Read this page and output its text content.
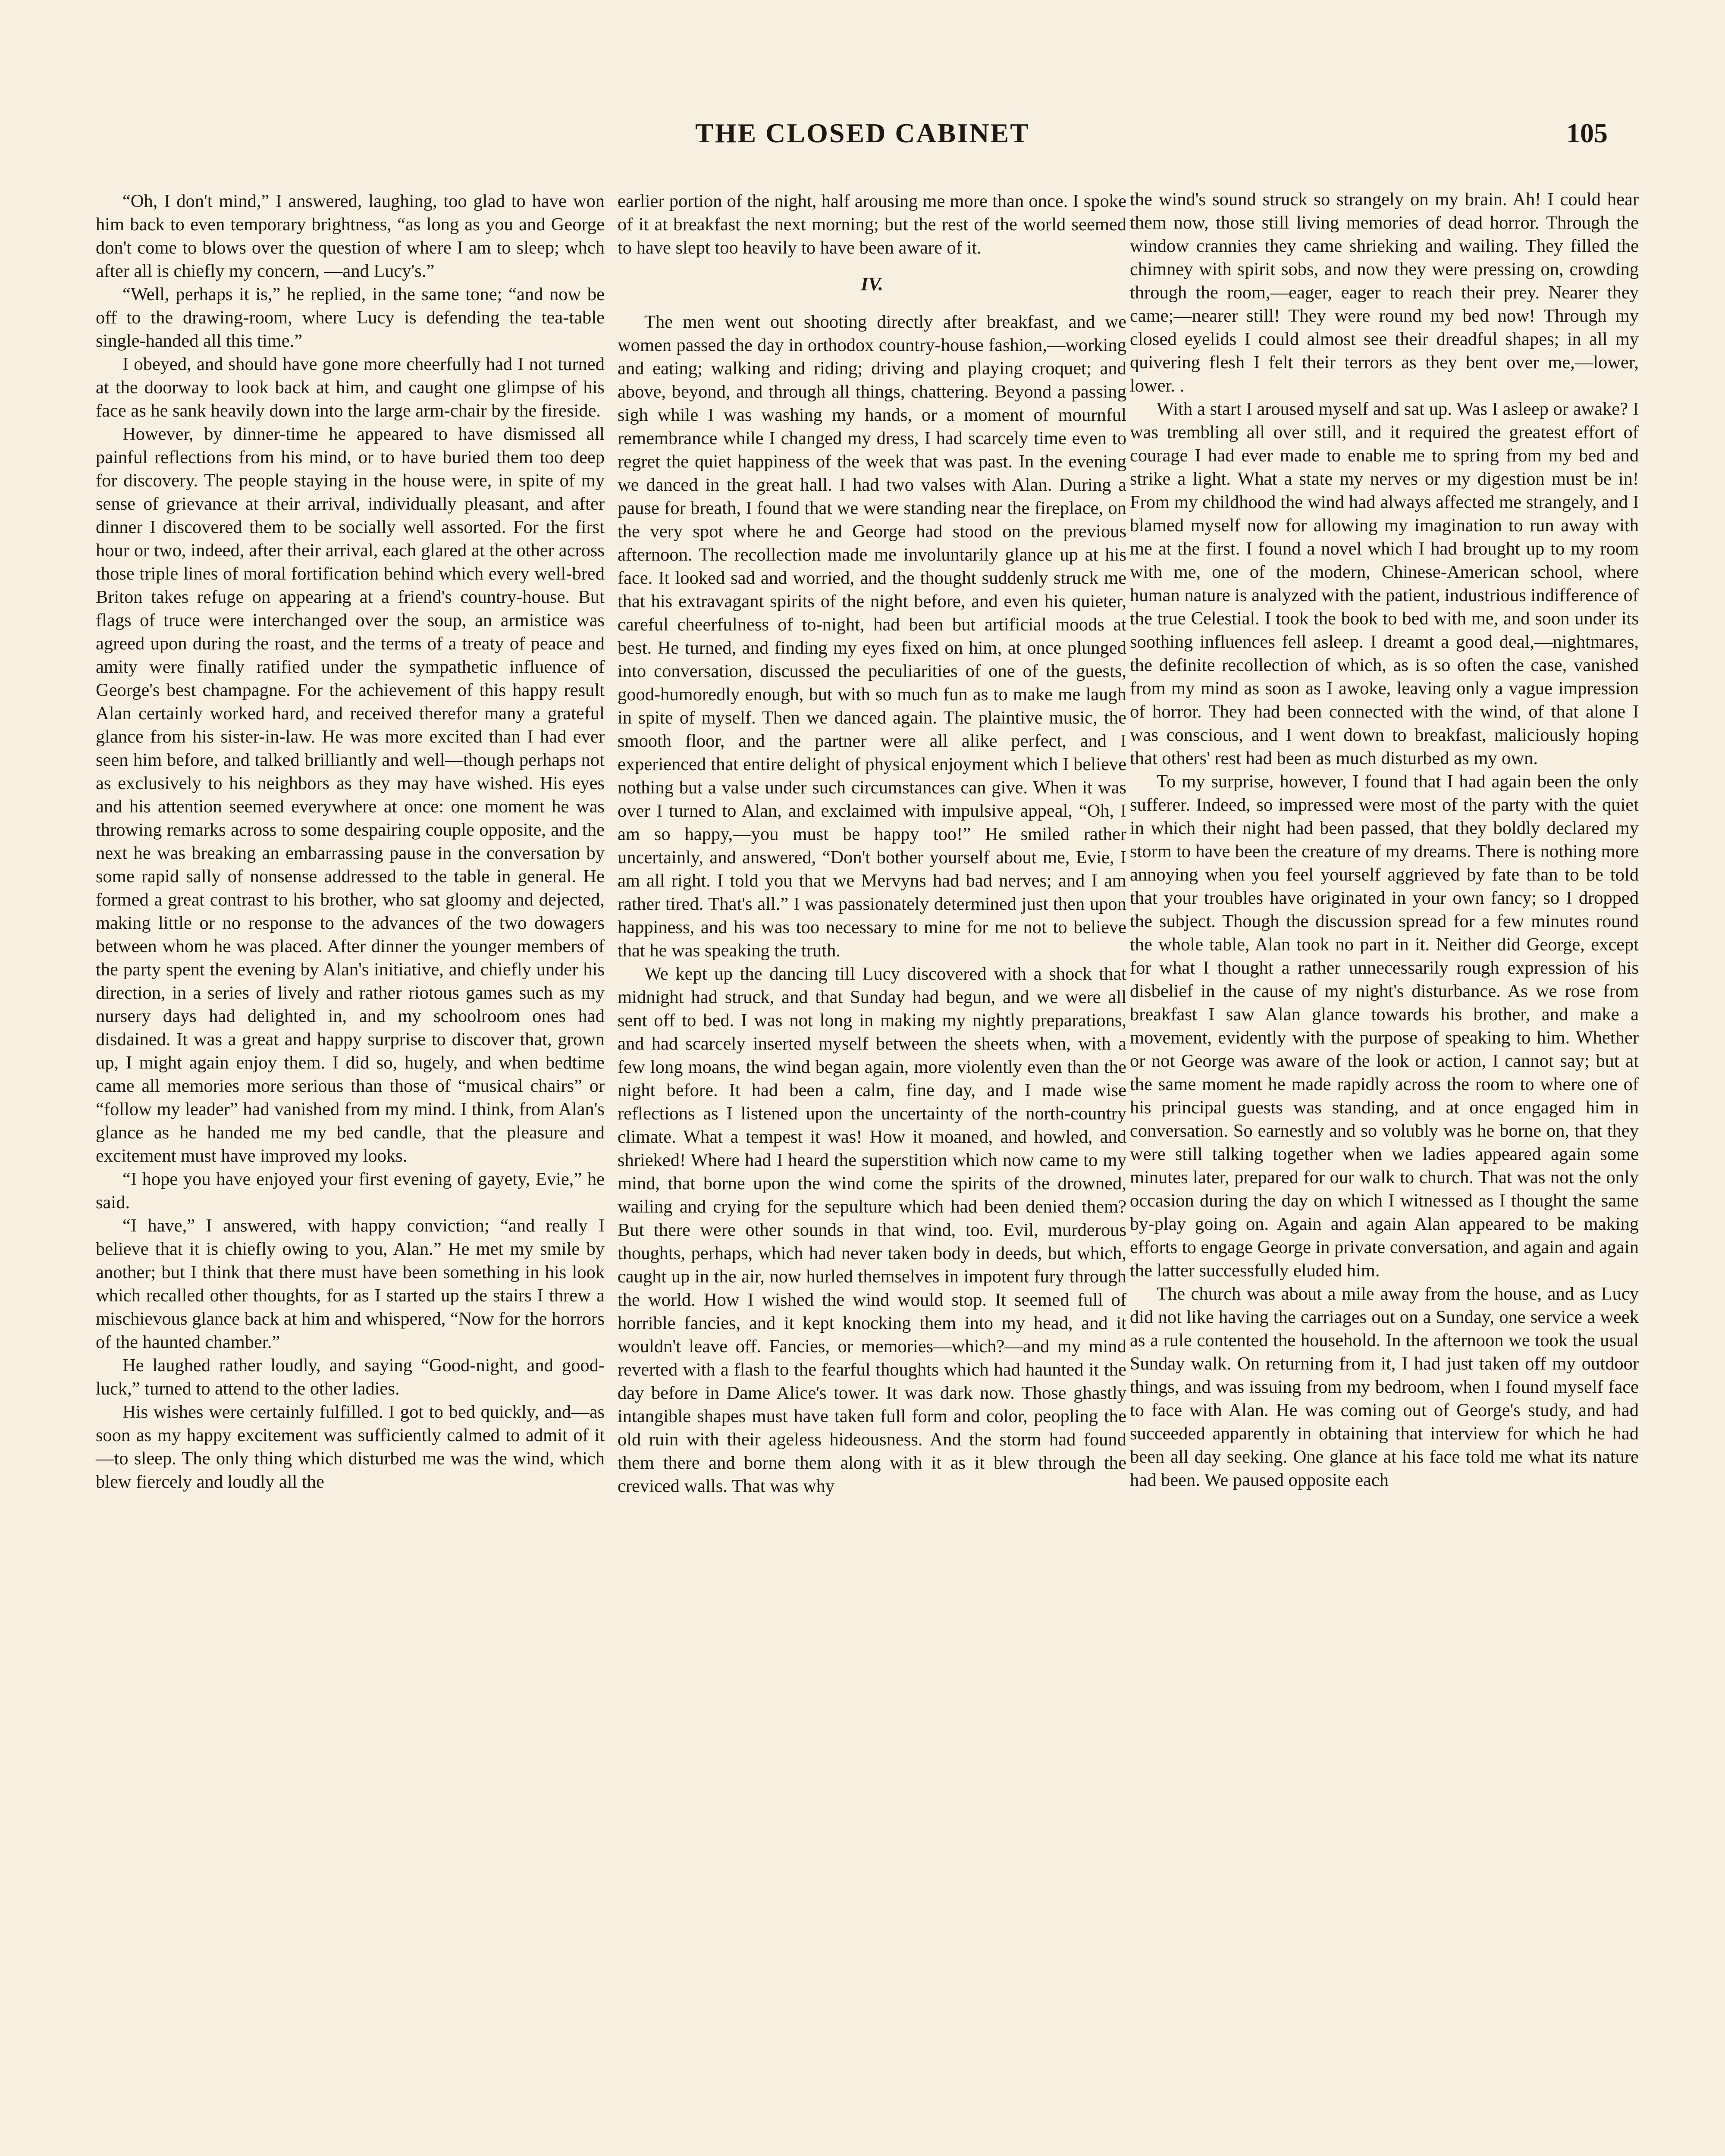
THE CLOSED CABINET	105

“Oh, I don't mind,” I answered, laughing, too glad to have won him back to even temporary brightness, “as long as you and George don't come to blows over the question of where I am to sleep; whch after all is chiefly my concern, —and Lucy's.”

“Well, perhaps it is,” he replied, in the same tone; “and now be off to the drawing-room, where Lucy is defending the tea-table single-handed all this time.”

I obeyed, and should have gone more cheerfully had I not turned at the doorway to look back at him, and caught one glimpse of his face as he sank heavily down into the large arm-chair by the fireside.

However, by dinner-time he appeared to have dismissed all painful reflections from his mind, or to have buried them too deep for discovery. The people staying in the house were, in spite of my sense of grievance at their arrival, individually pleasant, and after dinner I discovered them to be socially well assorted. For the first hour or two, indeed, after their arrival, each glared at the other across those triple lines of moral fortification behind which every well-bred Briton takes refuge on appearing at a friend's country-house. But flags of truce were interchanged over the soup, an armistice was agreed upon during the roast, and the terms of a treaty of peace and amity were finally ratified under the sympathetic influence of George's best champagne. For the achievement of this happy result Alan certainly worked hard, and received therefor many a grateful glance from his sister-in-law. He was more excited than I had ever seen him before, and talked brilliantly and well—though perhaps not as exclusively to his neighbors as they may have wished. His eyes and his attention seemed everywhere at once: one moment he was throwing remarks across to some despairing couple opposite, and the next he was breaking an embarrassing pause in the conversation by some rapid sally of nonsense addressed to the table in general. He formed a great contrast to his brother, who sat gloomy and dejected, making little or no response to the advances of the two dowagers between whom he was placed. After dinner the younger members of the party spent the evening by Alan's initiative, and chiefly under his direction, in a series of lively and rather riotous games such as my nursery days had delighted in, and my schoolroom ones had disdained. It was a great and happy surprise to discover that, grown up, I might again enjoy them. I did so, hugely, and when bedtime came all memories more serious than those of “musical chairs” or “follow my leader” had vanished from my mind. I think, from Alan's glance as he handed me my bed candle, that the pleasure and excitement must have improved my looks.

“I hope you have enjoyed your first evening of gayety, Evie,” he said.

“I have,” I answered, with happy conviction; “and really I believe that it is chiefly owing to you, Alan.” He met my smile by another; but I think that there must have been something in his look which recalled other thoughts, for as I started up the stairs I threw a mischievous glance back at him and whispered, “Now for the horrors of the haunted chamber.”

He laughed rather loudly, and saying “Good-night, and good-luck,” turned to attend to the other ladies.

His wishes were certainly fulfilled. I got to bed quickly, and—as soon as my happy excitement was sufficiently calmed to admit of it—to sleep. The only thing which disturbed me was the wind, which blew fiercely and loudly all the

earlier portion of the night, half arousing me more than once. I spoke of it at breakfast the next morning; but the rest of the world seemed to have slept too heavily to have been aware of it.

IV.

The men went out shooting directly after breakfast, and we women passed the day in orthodox country-house fashion,—working and eating; walking and riding; driving and playing croquet; and above, beyond, and through all things, chattering. Beyond a passing sigh while I was washing my hands, or a moment of mournful remembrance while I changed my dress, I had scarcely time even to regret the quiet happiness of the week that was past. In the evening we danced in the great hall. I had two valses with Alan. During a pause for breath, I found that we were standing near the fireplace, on the very spot where he and George had stood on the previous afternoon. The recollection made me involuntarily glance up at his face. It looked sad and worried, and the thought suddenly struck me that his extravagant spirits of the night before, and even his quieter, careful cheerfulness of to-night, had been but artificial moods at best. He turned, and finding my eyes fixed on him, at once plunged into conversation, discussed the peculiarities of one of the guests, good-humoredly enough, but with so much fun as to make me laugh in spite of myself. Then we danced again. The plaintive music, the smooth floor, and the partner were all alike perfect, and I experienced that entire delight of physical enjoyment which I believe nothing but a valse under such circumstances can give. When it was over I turned to Alan, and exclaimed with impulsive appeal, “Oh, I am so happy,—you must be happy too!” He smiled rather uncertainly, and answered, “Don't bother yourself about me, Evie, I am all right. I told you that we Mervyns had bad nerves; and I am rather tired. That's all.” I was passionately determined just then upon happiness, and his was too necessary to mine for me not to believe that he was speaking the truth.

We kept up the dancing till Lucy discovered with a shock that midnight had struck, and that Sunday had begun, and we were all sent off to bed. I was not long in making my nightly preparations, and had scarcely inserted myself between the sheets when, with a few long moans, the wind began again, more violently even than the night before. It had been a calm, fine day, and I made wise reflections as I listened upon the uncertainty of the north-country climate. What a tempest it was! How it moaned, and howled, and shrieked! Where had I heard the superstition which now came to my mind, that borne upon the wind come the spirits of the drowned, wailing and crying for the sepulture which had been denied them? But there were other sounds in that wind, too. Evil, murderous thoughts, perhaps, which had never taken body in deeds, but which, caught up in the air, now hurled themselves in impotent fury through the world. How I wished the wind would stop. It seemed full of horrible fancies, and it kept knocking them into my head, and it wouldn't leave off. Fancies, or memories—which?—and my mind reverted with a flash to the fearful thoughts which had haunted it the day before in Dame Alice's tower. It was dark now. Those ghastly intangible shapes must have taken full form and color, peopling the old ruin with their ageless hideousness. And the storm had found them there and borne them along with it as it blew through the creviced walls. That was why

the wind's sound struck so strangely on my brain. Ah! I could hear them now, those still living memories of dead horror. Through the window crannies they came shrieking and wailing. They filled the chimney with spirit sobs, and now they were pressing on, crowding through the room,—eager, eager to reach their prey. Nearer they came;—nearer still! They were round my bed now! Through my closed eyelids I could almost see their dreadful shapes; in all my quivering flesh I felt their terrors as they bent over me,—lower, lower. .

With a start I aroused myself and sat up. Was I asleep or awake? I was trembling all over still, and it required the greatest effort of courage I had ever made to enable me to spring from my bed and strike a light. What a state my nerves or my digestion must be in! From my childhood the wind had always affected me strangely, and I blamed myself now for allowing my imagination to run away with me at the first. I found a novel which I had brought up to my room with me, one of the modern, Chinese-American school, where human nature is analyzed with the patient, industrious indifference of the true Celestial. I took the book to bed with me, and soon under its soothing influences fell asleep. I dreamt a good deal,—nightmares, the definite recollection of which, as is so often the case, vanished from my mind as soon as I awoke, leaving only a vague impression of horror. They had been connected with the wind, of that alone I was conscious, and I went down to breakfast, maliciously hoping that others' rest had been as much disturbed as my own.

To my surprise, however, I found that I had again been the only sufferer. Indeed, so impressed were most of the party with the quiet in which their night had been passed, that they boldly declared my storm to have been the creature of my dreams. There is nothing more annoying when you feel yourself aggrieved by fate than to be told that your troubles have originated in your own fancy; so I dropped the subject. Though the discussion spread for a few minutes round the whole table, Alan took no part in it. Neither did George, except for what I thought a rather unnecessarily rough expression of his disbelief in the cause of my night's disturbance. As we rose from breakfast I saw Alan glance towards his brother, and make a movement, evidently with the purpose of speaking to him. Whether or not George was aware of the look or action, I cannot say; but at the same moment he made rapidly across the room to where one of his principal guests was standing, and at once engaged him in conversation. So earnestly and so volubly was he borne on, that they were still talking together when we ladies appeared again some minutes later, prepared for our walk to church. That was not the only occasion during the day on which I witnessed as I thought the same by-play going on. Again and again Alan appeared to be making efforts to engage George in private conversation, and again and again the latter successfully eluded him.

The church was about a mile away from the house, and as Lucy did not like having the carriages out on a Sunday, one service a week as a rule contented the household. In the afternoon we took the usual Sunday walk. On returning from it, I had just taken off my outdoor things, and was issuing from my bedroom, when I found myself face to face with Alan. He was coming out of George's study, and had succeeded apparently in obtaining that interview for which he had been all day seeking. One glance at his face told me what its nature had been. We paused opposite each
